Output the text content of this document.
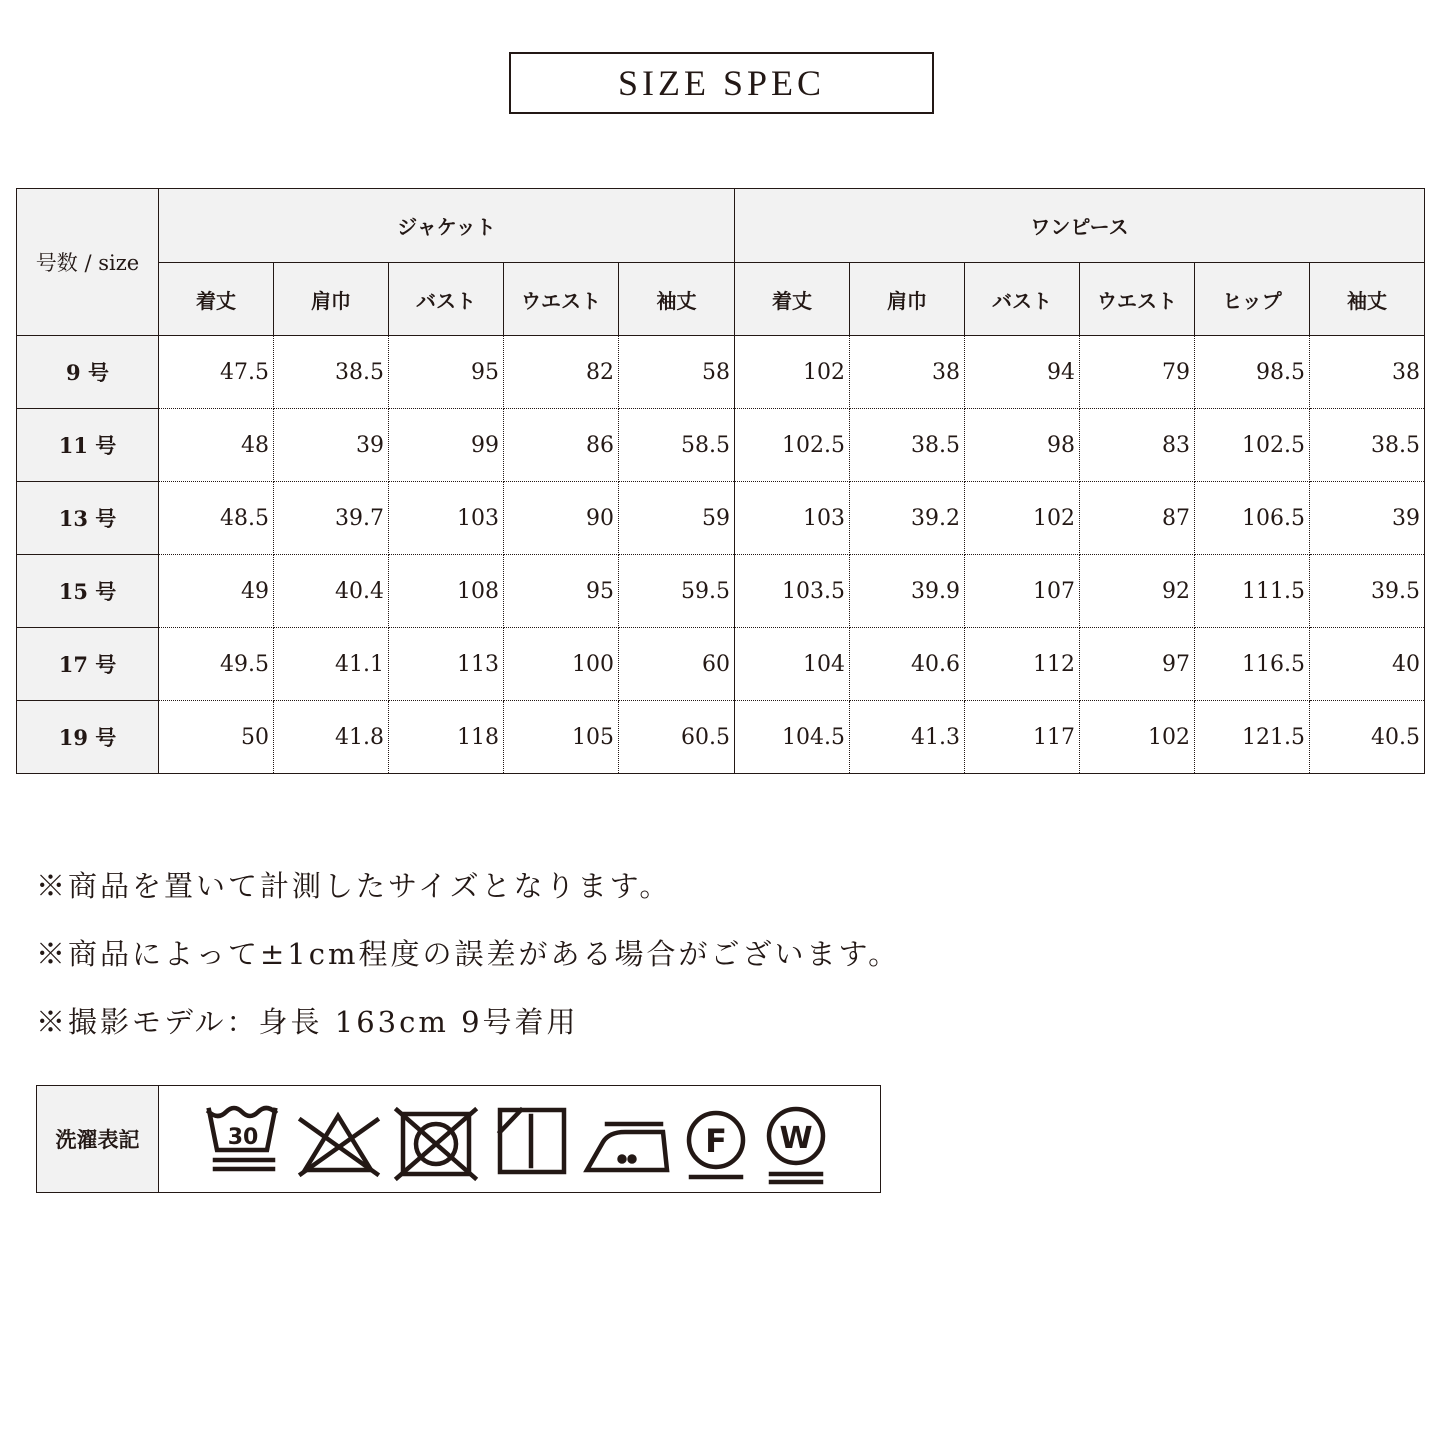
SIZE SPEC
号数 / size	ジャケット					ワンピース					
	着丈	肩巾	バスト	ウエスト	袖丈	着丈	肩巾	バスト	ウエスト	ヒップ	袖丈
9 号	47.5	38.5	95	82	58	102	38	94	79	98.5	38
11 号	48	39	99	86	58.5	102.5	38.5	98	83	102.5	38.5
13 号	48.5	39.7	103	90	59	103	39.2	102	87	106.5	39
15 号	49	40.4	108	95	59.5	103.5	39.9	107	92	111.5	39.5
17 号	49.5	41.1	113	100	60	104	40.6	112	97	116.5	40
19 号	50	41.8	118	105	60.5	104.5	41.3	117	102	121.5	40.5
※商品を置いて計測したサイズとなります。
※商品によって±1cm程度の誤差がある場合がございます。
※撮影モデル：身長 163cm 9号着用
洗濯表記	30	F W
